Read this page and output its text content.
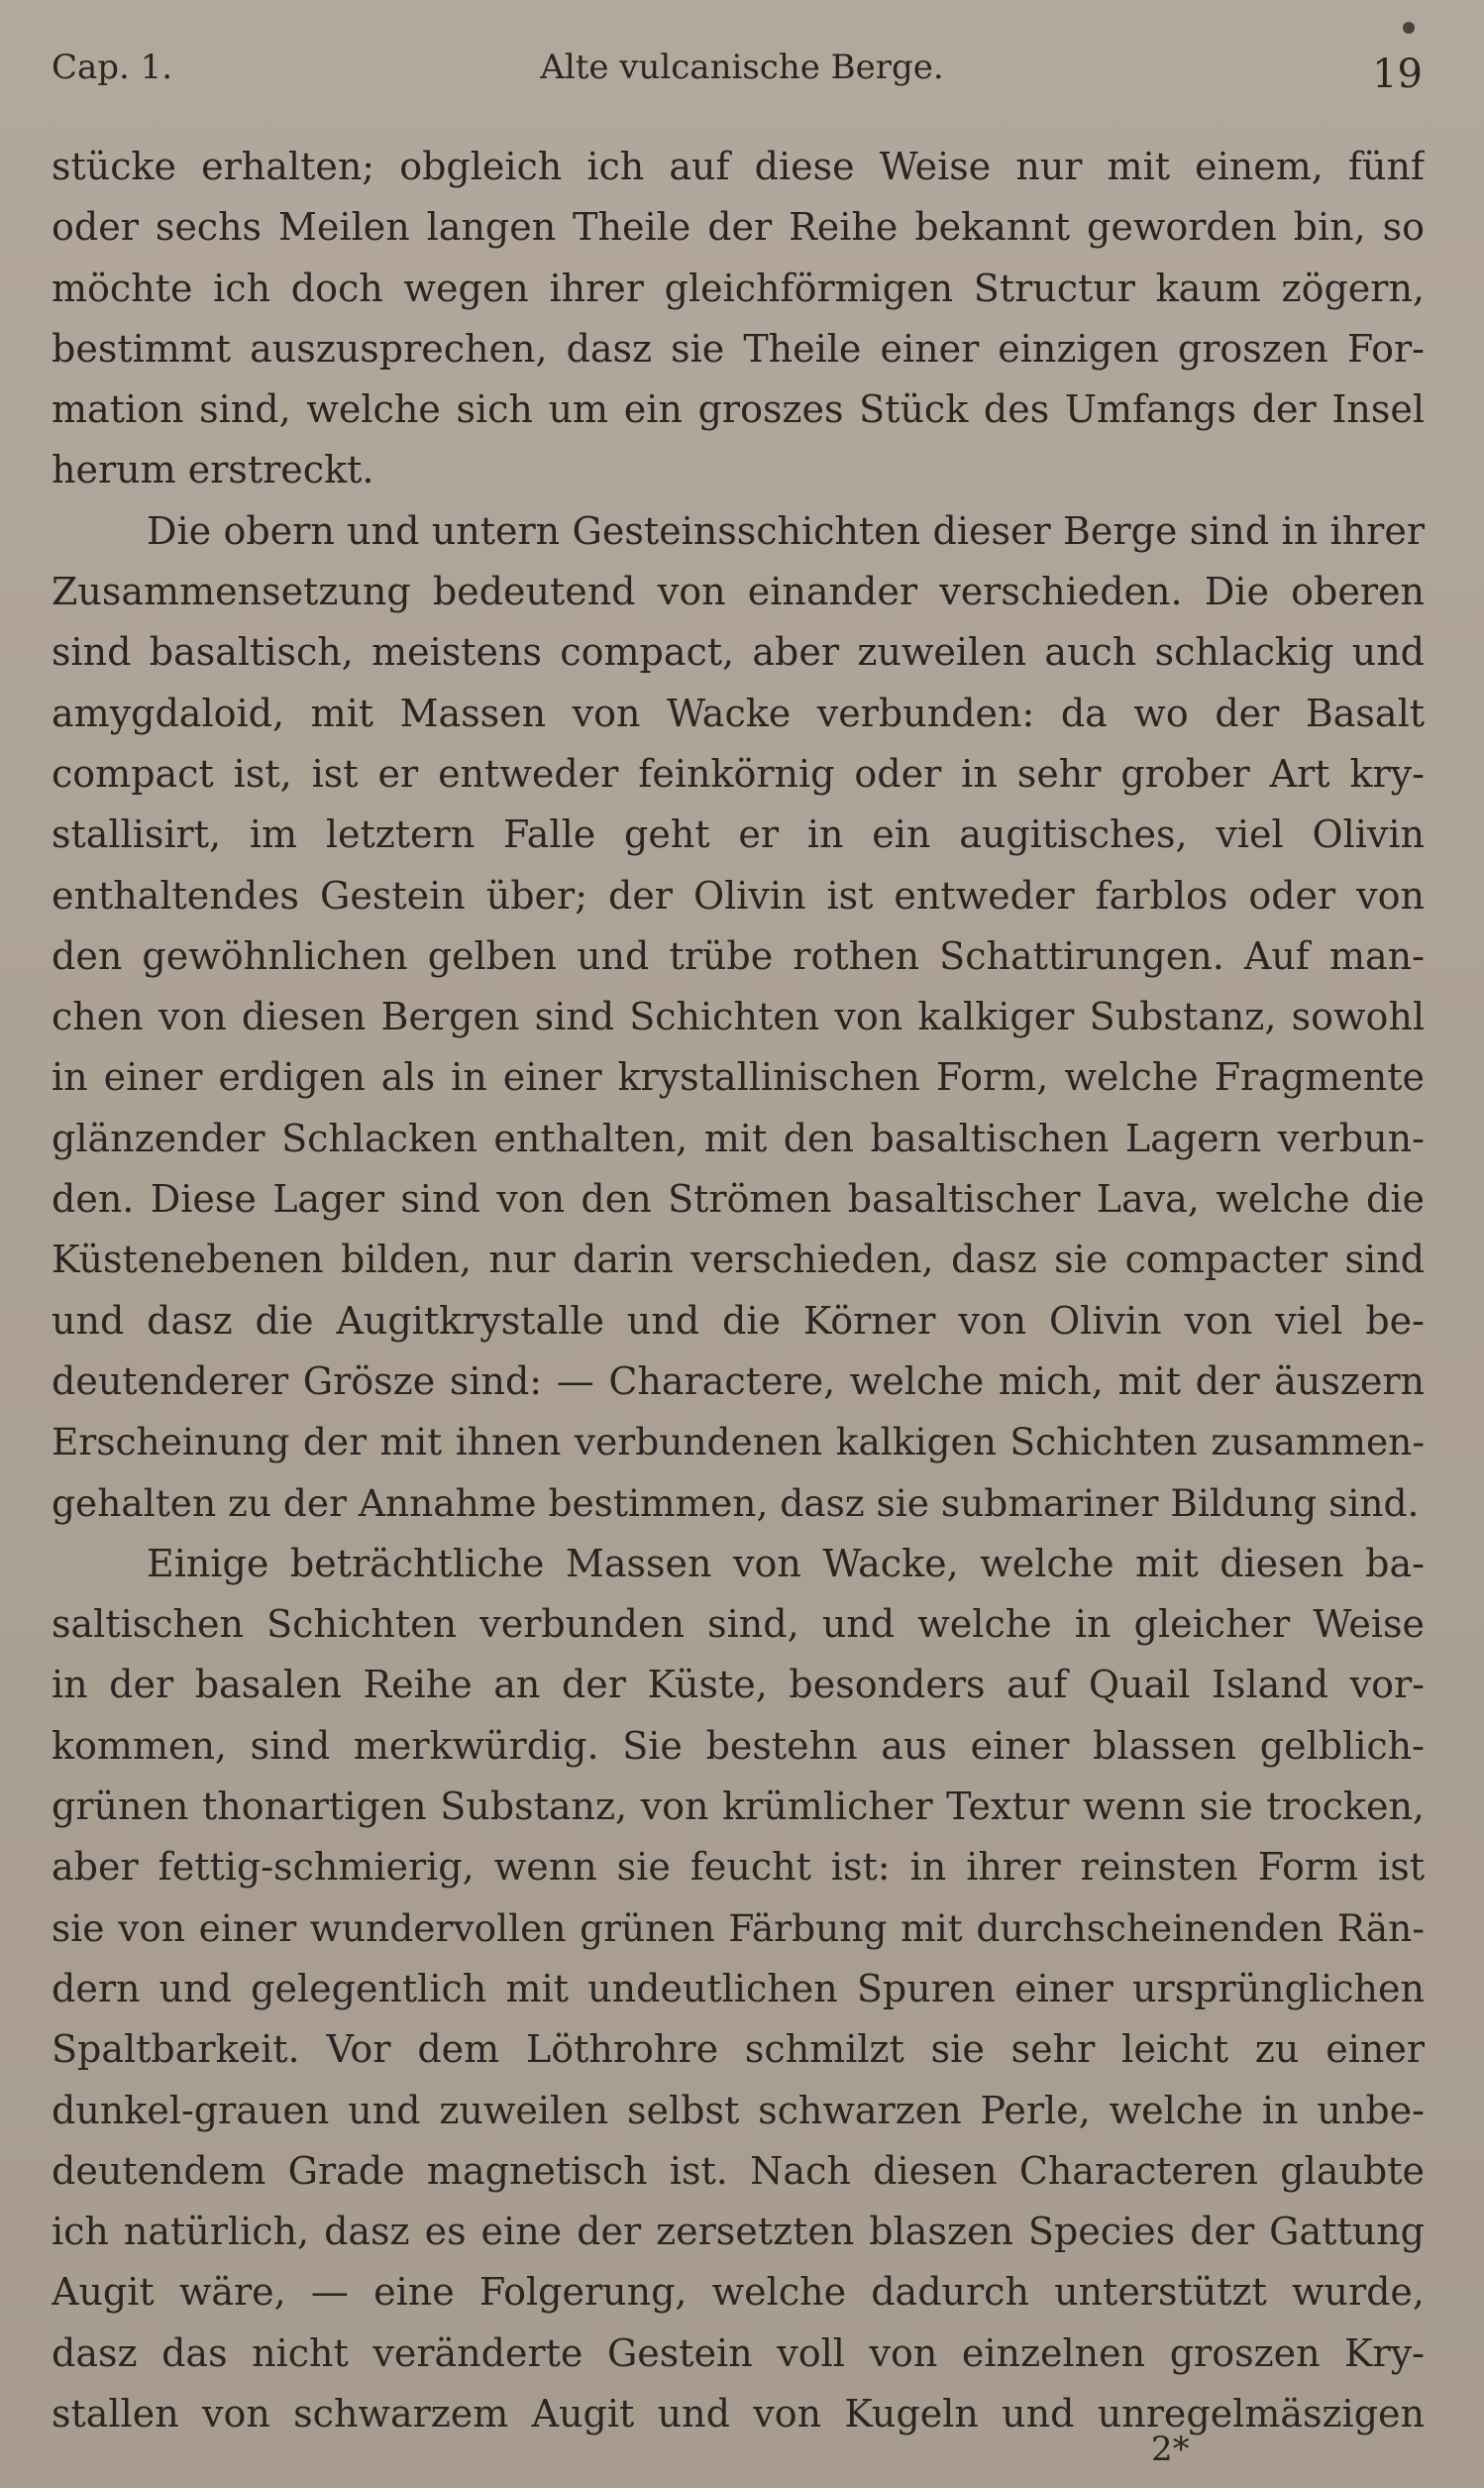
Cap. 1.	Alte vulcanische Berge.	19
stücke erhalten; obgleich ich auf diese Weise nur mit einem, fünf
oder sechs Meilen langen Theile der Reihe bekannt geworden bin, so
möchte ich doch wegen ihrer gleichförmigen Structur kaum zögern,
bestimmt auszusprechen, dasz sie Theile einer einzigen groszen For-
mation sind, welche sich um ein groszes Stück des Umfangs der Insel
herum erstreckt.
Die obern und untern Gesteinsschichten dieser Berge sind in ihrer
Zusammensetzung bedeutend von einander verschieden. Die oberen
sind basaltisch, meistens compact, aber zuweilen auch schlackig und
amygdaloid, mit Massen von Wacke verbunden: da wo der Basalt
compact ist, ist er entweder feinkörnig oder in sehr grober Art kry-
stallisirt, im letztern Falle geht er in ein augitisches, viel Olivin
enthaltendes Gestein über; der Olivin ist entweder farblos oder von
den gewöhnlichen gelben und trübe rothen Schattirungen. Auf man-
chen von diesen Bergen sind Schichten von kalkiger Substanz, sowohl
in einer erdigen als in einer krystallinischen Form, welche Fragmente
glänzender Schlacken enthalten, mit den basaltischen Lagern verbun-
den. Diese Lager sind von den Strömen basaltischer Lava, welche die
Küstenebenen bilden, nur darin verschieden, dasz sie compacter sind
und dasz die Augitkrystalle und die Körner von Olivin von viel be-
deutenderer Grösze sind: — Charactere, welche mich, mit der äuszern
Erscheinung der mit ihnen verbundenen kalkigen Schichten zusammen-
gehalten zu der Annahme bestimmen, dasz sie submariner Bildung sind.
Einige beträchtliche Massen von Wacke, welche mit diesen ba-
saltischen Schichten verbunden sind, und welche in gleicher Weise
in der basalen Reihe an der Küste, besonders auf Quail Island vor-
kommen, sind merkwürdig. Sie bestehn aus einer blassen gelblich-
grünen thonartigen Substanz, von krümlicher Textur wenn sie trocken,
aber fettig-schmierig, wenn sie feucht ist: in ihrer reinsten Form ist
sie von einer wundervollen grünen Färbung mit durchscheinenden Rän-
dern und gelegentlich mit undeutlichen Spuren einer ursprünglichen
Spaltbarkeit. Vor dem Löthrohre schmilzt sie sehr leicht zu einer
dunkel-grauen und zuweilen selbst schwarzen Perle, welche in unbe-
deutendem Grade magnetisch ist. Nach diesen Characteren glaubte
ich natürlich, dasz es eine der zersetzten blaszen Species der Gattung
Augit wäre, — eine Folgerung, welche dadurch unterstützt wurde,
dasz das nicht veränderte Gestein voll von einzelnen groszen Kry-
stallen von schwarzem Augit und von Kugeln und unregelmäszigen
2*
